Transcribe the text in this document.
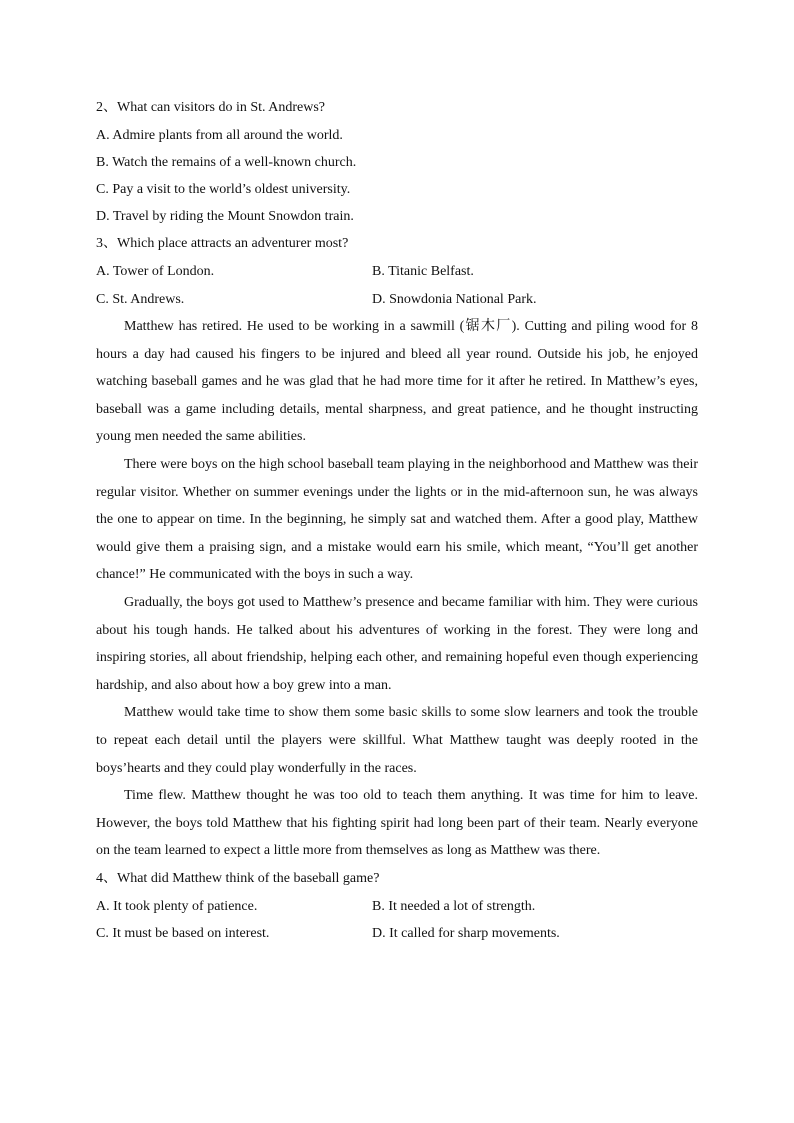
2、What can visitors do in St. Andrews?
A. Admire plants from all around the world.
B. Watch the remains of a well-known church.
C. Pay a visit to the world’s oldest university.
D. Travel by riding the Mount Snowdon train.
3、Which place attracts an adventurer most?
A. Tower of London.	B. Titanic Belfast.
C. St. Andrews.	D. Snowdonia National Park.

Matthew has retired. He used to be working in a sawmill (锯木厂). Cutting and piling wood for 8 hours a day had caused his fingers to be injured and bleed all year round. Outside his job, he enjoyed watching baseball games and he was glad that he had more time for it after he retired. In Matthew’s eyes, baseball was a game including details, mental sharpness, and great patience, and he thought instructing young men needed the same abilities.

There were boys on the high school baseball team playing in the neighborhood and Matthew was their regular visitor. Whether on summer evenings under the lights or in the mid-afternoon sun, he was always the one to appear on time. In the beginning, he simply sat and watched them. After a good play, Matthew would give them a praising sign, and a mistake would earn his smile, which meant, “You’ll get another chance!” He communicated with the boys in such a way.

Gradually, the boys got used to Matthew’s presence and became familiar with him. They were curious about his tough hands. He talked about his adventures of working in the forest. They were long and inspiring stories, all about friendship, helping each other, and remaining hopeful even though experiencing hardship, and also about how a boy grew into a man.

Matthew would take time to show them some basic skills to some slow learners and took the trouble to repeat each detail until the players were skillful. What Matthew taught was deeply rooted in the boys’hearts and they could play wonderfully in the races.

Time flew. Matthew thought he was too old to teach them anything. It was time for him to leave. However, the boys told Matthew that his fighting spirit had long been part of their team. Nearly everyone on the team learned to expect a little more from themselves as long as Matthew was there.

4、What did Matthew think of the baseball game?
A. It took plenty of patience.	B. It needed a lot of strength.
C. It must be based on interest.	D. It called for sharp movements.
